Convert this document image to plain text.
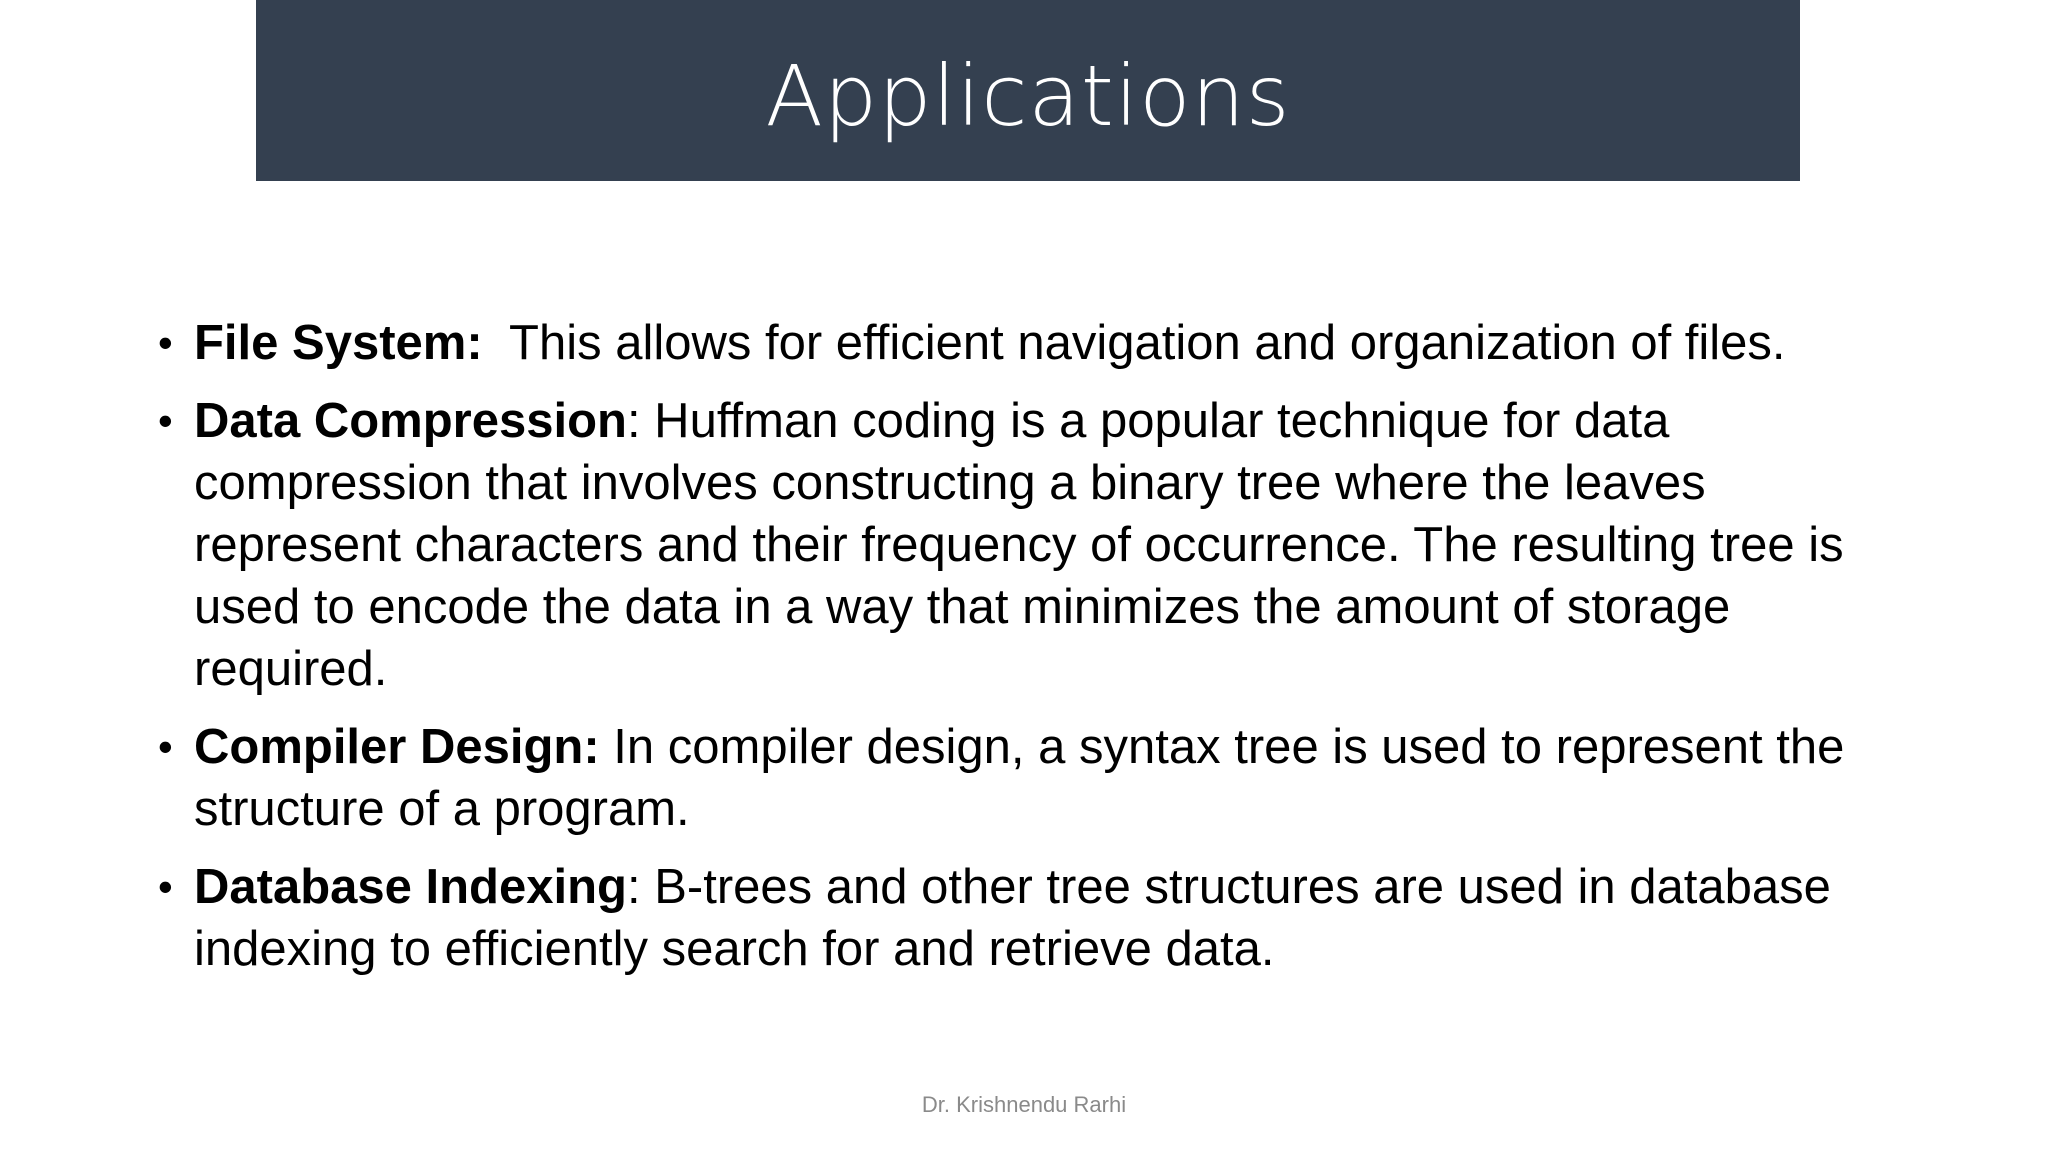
Applications
• File System:  This allows for efficient navigation and organization of files.
• Data Compression: Huffman coding is a popular technique for data compression that involves constructing a binary tree where the leaves represent characters and their frequency of occurrence. The resulting tree is used to encode the data in a way that minimizes the amount of storage required.
• Compiler Design: In compiler design, a syntax tree is used to represent the structure of a program.
• Database Indexing: B-trees and other tree structures are used in database indexing to efficiently search for and retrieve data.
Dr. Krishnendu Rarhi
